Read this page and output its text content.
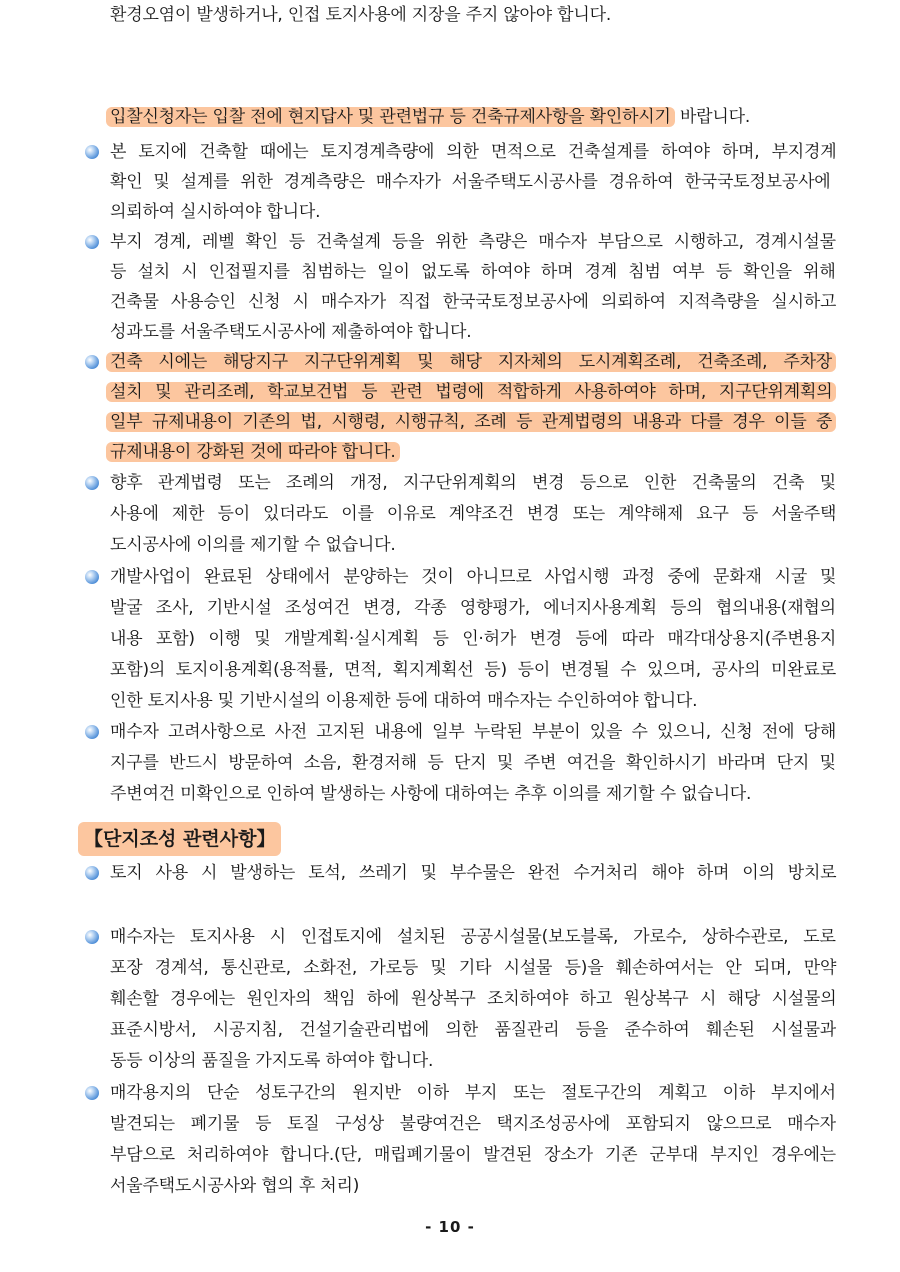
입찰신청자는 입찰 전에 현지답사 및 관련법규 등 건축규제사항을 확인하시기 바랍니다.
본 토지에 건축할 때에는 토지경계측량에 의한 면적으로 건축설계를 하여야 하며, 부지경계
확인 및 설계를 위한 경계측량은 매수자가 서울주택도시공사를 경유하여 한국국토정보공사에
의뢰하여 실시하여야 합니다.
부지 경계, 레벨 확인 등 건축설계 등을 위한 측량은 매수자 부담으로 시행하고, 경계시설물
등 설치 시 인접필지를 침범하는 일이 없도록 하여야 하며 경계 침범 여부 등 확인을 위해
건축물 사용승인 신청 시 매수자가 직접 한국국토정보공사에 의뢰하여 지적측량을 실시하고
성과도를 서울주택도시공사에 제출하여야 합니다.
건축 시에는 해당지구 지구단위계획 및 해당 지자체의 도시계획조례, 건축조례, 주차장
설치 및 관리조례, 학교보건법 등 관련 법령에 적합하게 사용하여야 하며, 지구단위계획의
일부 규제내용이 기존의 법, 시행령, 시행규칙, 조례 등 관계법령의 내용과 다를 경우 이들 중
규제내용이 강화된 것에 따라야 합니다.
향후 관계법령 또는 조례의 개정, 지구단위계획의 변경 등으로 인한 건축물의 건축 및
사용에 제한 등이 있더라도 이를 이유로 계약조건 변경 또는 계약해제 요구 등 서울주택
도시공사에 이의를 제기할 수 없습니다.
개발사업이 완료된 상태에서 분양하는 것이 아니므로 사업시행 과정 중에 문화재 시굴 및
발굴 조사, 기반시설 조성여건 변경, 각종 영향평가, 에너지사용계획 등의 협의내용(재협의
내용 포함) 이행 및 개발계획·실시계획 등 인·허가 변경 등에 따라 매각대상용지(주변용지
포함)의 토지이용계획(용적률, 면적, 획지계획선 등) 등이 변경될 수 있으며, 공사의 미완료로
인한 토지사용 및 기반시설의 이용제한 등에 대하여 매수자는 수인하여야 합니다.
매수자 고려사항으로 사전 고지된 내용에 일부 누락된 부분이 있을 수 있으니, 신청 전에 당해
지구를 반드시 방문하여 소음, 환경저해 등 단지 및 주변 여건을 확인하시기 바라며 단지 및
주변여건 미확인으로 인하여 발생하는 사항에 대하여는 추후 이의를 제기할 수 없습니다.
【단지조성 관련사항】
토지 사용 시 발생하는 토석, 쓰레기 및 부수물은 완전 수거처리 해야 하며 이의 방치로
환경오염이 발생하거나, 인접 토지사용에 지장을 주지 않아야 합니다.
매수자는 토지사용 시 인접토지에 설치된 공공시설물(보도블록, 가로수, 상하수관로, 도로
포장 경계석, 통신관로, 소화전, 가로등 및 기타 시설물 등)을 훼손하여서는 안 되며, 만약
훼손할 경우에는 원인자의 책임 하에 원상복구 조치하여야 하고 원상복구 시 해당 시설물의
표준시방서, 시공지침, 건설기술관리법에 의한 품질관리 등을 준수하여 훼손된 시설물과
동등 이상의 품질을 가지도록 하여야 합니다.
매각용지의 단순 성토구간의 원지반 이하 부지 또는 절토구간의 계획고 이하 부지에서
발견되는 폐기물 등 토질 구성상 불량여건은 택지조성공사에 포함되지 않으므로 매수자
부담으로 처리하여야 합니다.(단, 매립폐기물이 발견된 장소가 기존 군부대 부지인 경우에는
서울주택도시공사와 협의 후 처리)
- 10 -
